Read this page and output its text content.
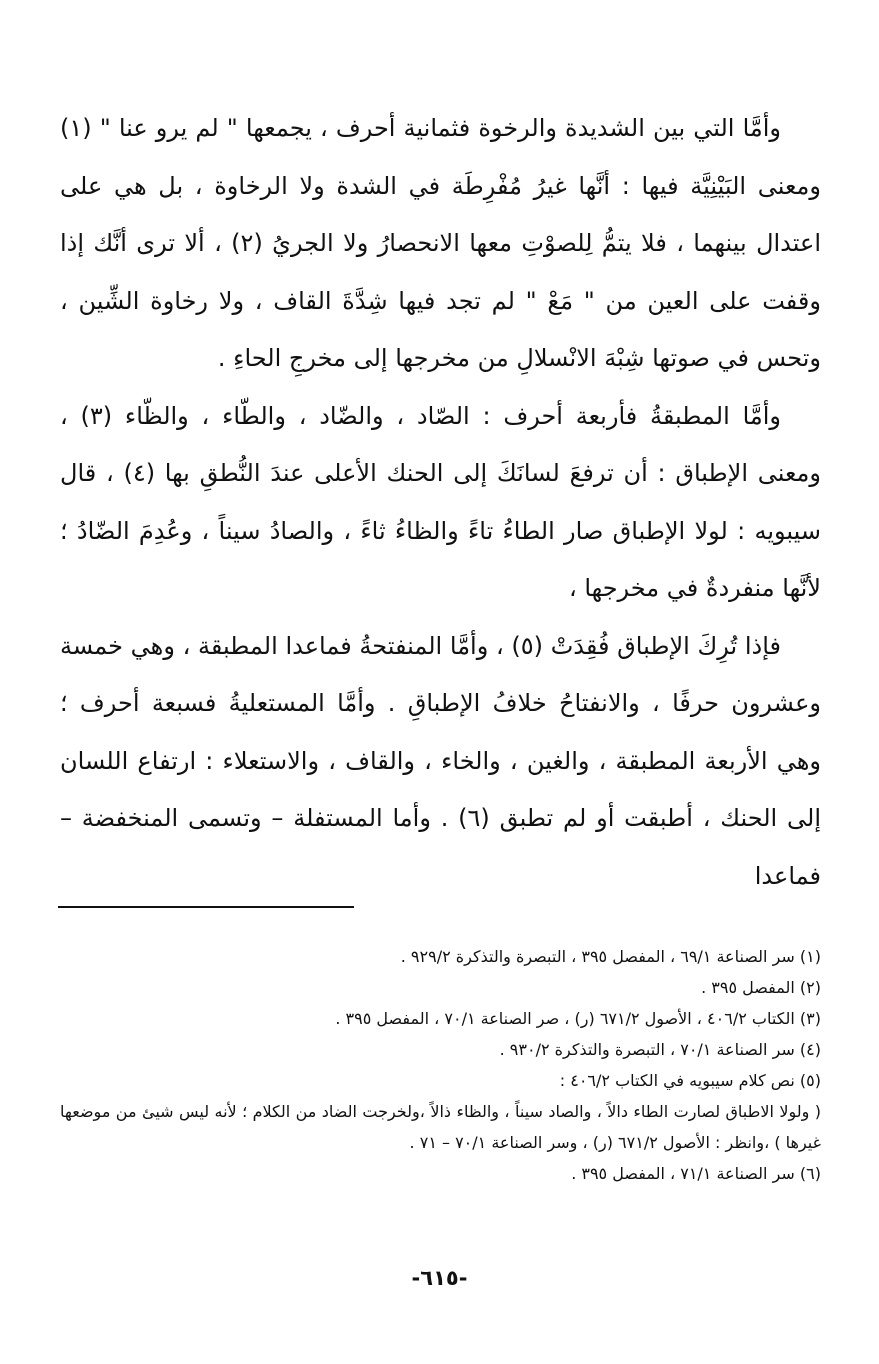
وأمَّا التي بين الشديدة والرخوة فثمانية أحرف ، يجمعها " لم يرو عنا " (١) ومعنى البَيْنِيَّة فيها : أنَّها غيرُ مُفْرِطَة في الشدة ولا الرخاوة ، بل هي على اعتدال بينهما ، فلا يتمُّ لِلصوْتِ معها الانحصارُ ولا الجريُ (٢) ، ألا ترى أنَّك إذا وقفت على العين من " مَعْ " لم تجد فيها شِدَّةَ القاف ، ولا رخاوة الشِّين ، وتحس في صوتها شِبْهَ الانْسلالِ من مخرجها إلى مخرجِ الحاءِ .

وأمَّا المطبقةُ فأربعة أحرف : الصّاد ، والضّاد ، والطّاء ، والظّاء (٣) ، ومعنى الإطباق : أن ترفعَ لسانَكَ إلى الحنك الأعلى عندَ النُّطقِ بها (٤) ، قال سيبويه : لولا الإطباق صار الطاءُ تاءً والظاءُ ثاءً ، والصادُ سيناً ، وعُدِمَ الضّادُ ؛ لأنَّها منفردةٌ في مخرجها ،

فإذا تُرِكَ الإطباق فُقِدَتْ (٥) ، وأمَّا المنفتحةُ فماعدا المطبقة ، وهي خمسة وعشرون حرفًا ، والانفتاحُ خلافُ الإطباقِ . وأمَّا المستعليةُ فسبعة أحرف ؛ وهي الأربعة المطبقة ، والغين ، والخاء ، والقاف ، والاستعلاء : ارتفاع اللسان إلى الحنك ، أطبقت أو لم تطبق (٦) . وأما المستفلة – وتسمى المنخفضة – فماعدا

(١) سر الصناعة ٦٩/١ ، المفصل ٣٩٥ ، التبصرة والتذكرة ٩٢٩/٢ .

(٢) المفصل ٣٩٥ .

(٣) الكتاب ٤٠٦/٢ ، الأصول ٦٧١/٢ (ر) ، صر الصناعة ٧٠/١ ، المفصل ٣٩٥ .

(٤) سر الصناعة ٧٠/١ ، التبصرة والتذكرة ٩٣٠/٢ .

(٥) نص كلام سيبويه في الكتاب ٤٠٦/٢ :

( ولولا الاطباق لصارت الطاء دالاً ، والصاد سيناً ، والظاء ذالاً ،ولخرجت الضاد من الكلام ؛ لأنه ليس شيئ من موضعها غيرها ) ،وانظر : الأصول ٦٧١/٢ (ر) ، وسر الصناعة ٧٠/١ – ٧١ .

(٦) سر الصناعة ٧١/١ ، المفصل ٣٩٥ .

-٦١٥-
